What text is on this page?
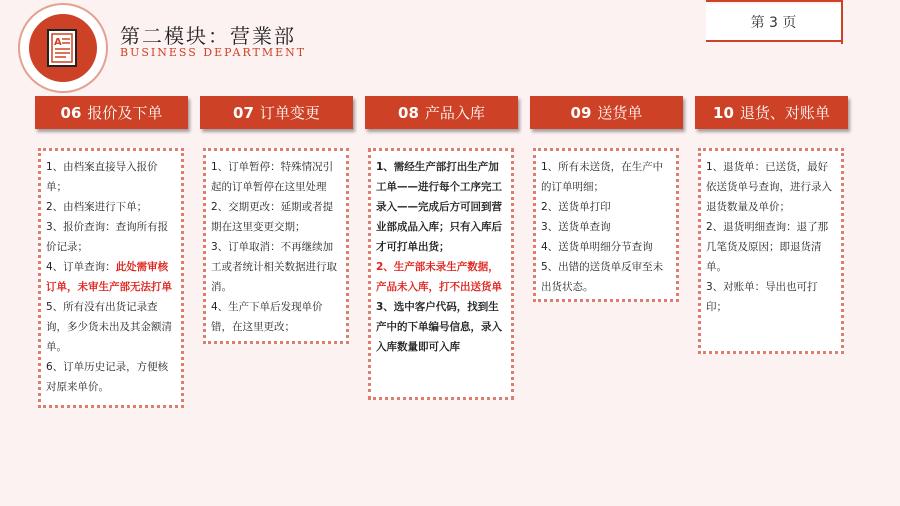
A	第二模块：营業部
BUSINESS DEPARTMENT
第 3 页
06 报价及下单

1、由档案直接导入报价单；

2、由档案进行下单；

3、报价查询：查询所有报价记录；

4、订单查询：此处需审核订单，未审生产部无法打单

5、所有没有出货记录查询，多少货未出及其金额清单。

6、订单历史记录，方便核对原来单价。

07 订单变更

1、订单暂停：特殊情况引起的订单暂停在这里处理

2、交期更改：延期或者提期在这里变更交期；

3、订单取消：不再继续加工或者统计相关数据进行取消。

4、生产下单后发现单价错，在这里更改；

08 产品入库

1、需经生产部打出生产加工单——进行每个工序完工录入——完成后方可回到营业部成品入库；只有入库后才可打单出货；

2、生产部未录生产数据，产品未入库，打不出送货单

3、选中客户代码，找到生产中的下单编号信息，录入入库数量即可入库

09 送货单

1、所有未送货，在生产中的订单明细；

2、送货单打印

3、送货单查询

4、送货单明细分节查询

5、出错的送货单反审至未出货状态。

10 退货、对账单

1、退货单：已送货，最好依送货单号查询，进行录入退货数量及单价；

2、退货明细查询：退了那几笔货及原因；即退货清单。

3、对账单：导出也可打印；
